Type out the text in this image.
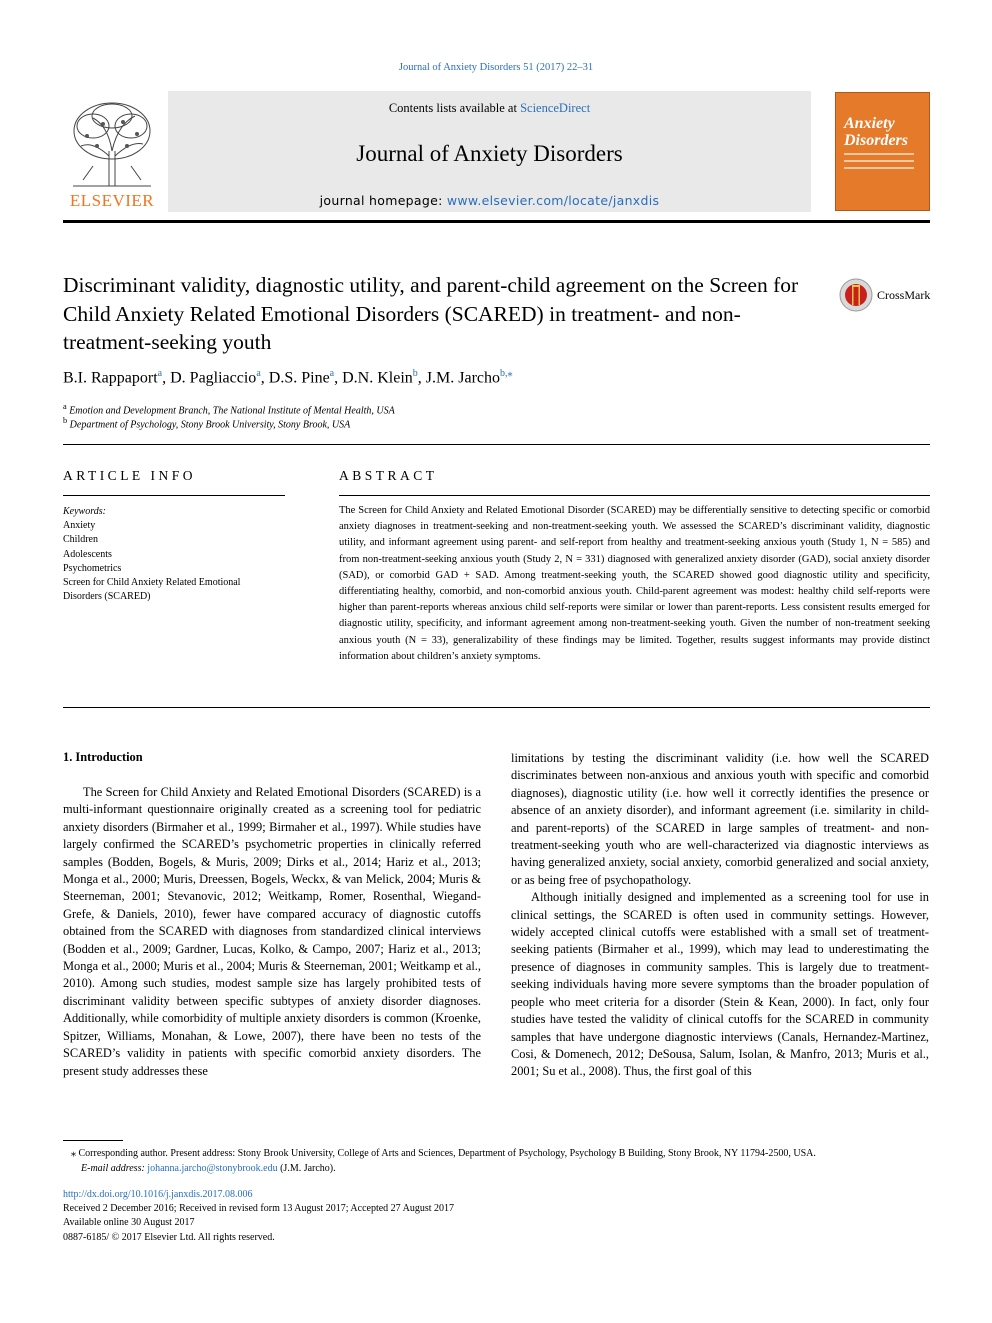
Journal of Anxiety Disorders 51 (2017) 22–31
ELSEVIER
Contents lists available at ScienceDirect
Journal of Anxiety Disorders
journal homepage: www.elsevier.com/locate/janxdis
Anxiety
Disorders
Discriminant validity, diagnostic utility, and parent-child agreement on the Screen for Child Anxiety Related Emotional Disorders (SCARED) in treatment- and non-treatment-seeking youth
CrossMark
B.I. Rappaport$^a$, D. Pagliaccio$^a$, D.S. Pine$^a$, D.N. Klein$^b$, J.M. Jarcho$^{b,⁎}$
$^a$ Emotion and Development Branch, The National Institute of Mental Health, USA
$^b$ Department of Psychology, Stony Brook University, Stony Brook, USA
ARTICLE INFO
Keywords:
Anxiety
Children
Adolescents
Psychometrics
Screen for Child Anxiety Related Emotional
Disorders (SCARED)
ABSTRACT
The Screen for Child Anxiety and Related Emotional Disorder (SCARED) may be differentially sensitive to detecting specific or comorbid anxiety diagnoses in treatment-seeking and non-treatment-seeking youth. We assessed the SCARED’s discriminant validity, diagnostic utility, and informant agreement using parent- and self-report from healthy and treatment-seeking anxious youth (Study 1, N = 585) and from non-treatment-seeking anxious youth (Study 2, N = 331) diagnosed with generalized anxiety disorder (GAD), social anxiety disorder (SAD), or comorbid GAD + SAD. Among treatment-seeking youth, the SCARED showed good diagnostic utility and specificity, differentiating healthy, comorbid, and non-comorbid anxious youth. Child-parent agreement was modest: healthy child self-reports were higher than parent-reports whereas anxious child self-reports were similar or lower than parent-reports. Less consistent results emerged for diagnostic utility, specificity, and informant agreement among non-treatment-seeking youth. Given the number of non-treatment seeking anxious youth (N = 33), generalizability of these findings may be limited. Together, results suggest informants may provide distinct information about children’s anxiety symptoms.
1. Introduction

The Screen for Child Anxiety and Related Emotional Disorders (SCARED) is a multi-informant questionnaire originally created as a screening tool for pediatric anxiety disorders (Birmaher et al., 1999; Birmaher et al., 1997). While studies have largely confirmed the SCARED’s psychometric properties in clinically referred samples (Bodden, Bogels, & Muris, 2009; Dirks et al., 2014; Hariz et al., 2013; Monga et al., 2000; Muris, Dreessen, Bogels, Weckx, & van Melick, 2004; Muris & Steerneman, 2001; Stevanovic, 2012; Weitkamp, Romer, Rosenthal, Wiegand-Grefe, & Daniels, 2010), fewer have compared accuracy of diagnostic cutoffs obtained from the SCARED with diagnoses from standardized clinical interviews (Bodden et al., 2009; Gardner, Lucas, Kolko, & Campo, 2007; Hariz et al., 2013; Monga et al., 2000; Muris et al., 2004; Muris & Steerneman, 2001; Weitkamp et al., 2010). Among such studies, modest sample size has largely prohibited tests of discriminant validity between specific subtypes of anxiety disorder diagnoses. Additionally, while comorbidity of multiple anxiety disorders is common (Kroenke, Spitzer, Williams, Monahan, & Lowe, 2007), there have been no tests of the SCARED’s validity in patients with specific comorbid anxiety disorders. The present study addresses these

limitations by testing the discriminant validity (i.e. how well the SCARED discriminates between non-anxious and anxious youth with specific and comorbid diagnoses), diagnostic utility (i.e. how well it correctly identifies the presence or absence of an anxiety disorder), and informant agreement (i.e. similarity in child- and parent-reports) of the SCARED in large samples of treatment- and non-treatment-seeking youth who are well-characterized via diagnostic interviews as having generalized anxiety, social anxiety, comorbid generalized and social anxiety, or as being free of psychopathology.

Although initially designed and implemented as a screening tool for use in clinical settings, the SCARED is often used in community settings. However, widely accepted clinical cutoffs were established with a small set of treatment-seeking patients (Birmaher et al., 1999), which may lead to underestimating the presence of diagnoses in community samples. This is largely due to treatment-seeking individuals having more severe symptoms than the broader population of people who meet criteria for a disorder (Stein & Kean, 2000). In fact, only four studies have tested the validity of clinical cutoffs for the SCARED in community samples that have undergone diagnostic interviews (Canals, Hernandez-Martinez, Cosi, & Domenech, 2012; DeSousa, Salum, Isolan, & Manfro, 2013; Muris et al., 2001; Su et al., 2008). Thus, the first goal of this

⁎ Corresponding author. Present address: Stony Brook University, College of Arts and Sciences, Department of Psychology, Psychology B Building, Stony Brook, NY 11794-2500, USA.
E-mail address: johanna.jarcho@stonybrook.edu (J.M. Jarcho).
http://dx.doi.org/10.1016/j.janxdis.2017.08.006
Received 2 December 2016; Received in revised form 13 August 2017; Accepted 27 August 2017
Available online 30 August 2017
0887-6185/ © 2017 Elsevier Ltd. All rights reserved.
